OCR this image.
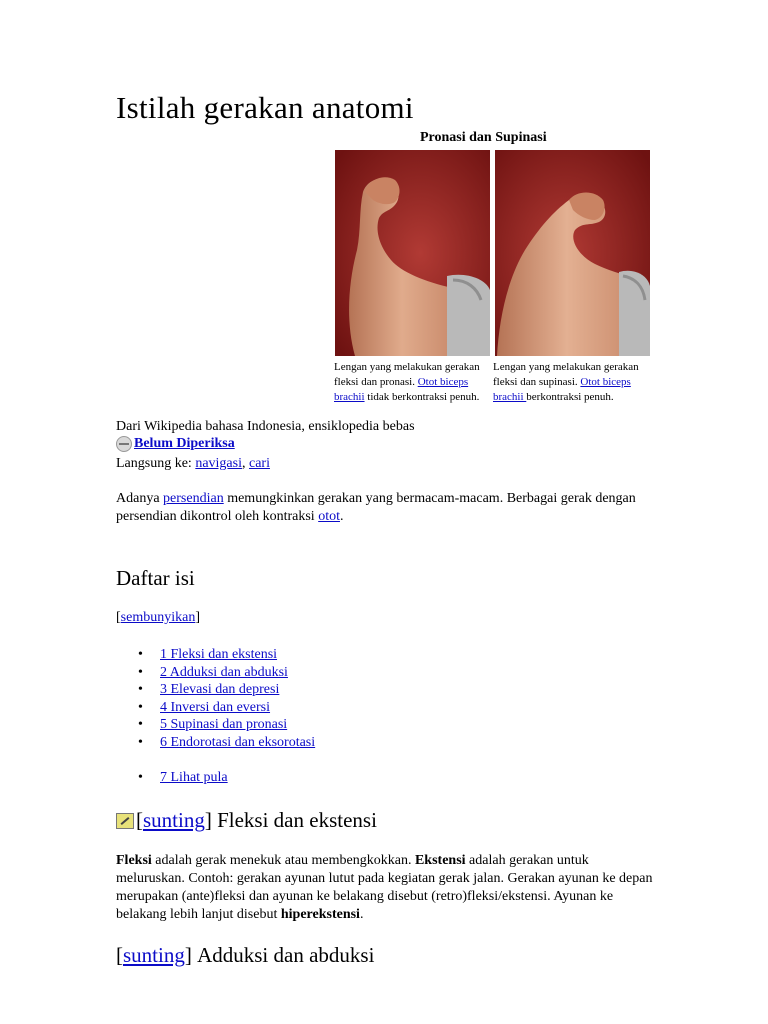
Istilah gerakan anatomi
Pronasi dan Supinasi
Lengan yang melakukan gerakan fleksi dan pronasi. Otot biceps brachii tidak berkontraksi penuh.
Lengan yang melakukan gerakan fleksi dan supinasi. Otot biceps brachii berkontraksi penuh.
Dari Wikipedia bahasa Indonesia, ensiklopedia bebas
Belum Diperiksa
Langsung ke: navigasi, cari
Adanya persendian memungkinkan gerakan yang bermacam-macam. Berbagai gerak dengan persendian dikontrol oleh kontraksi otot.
Daftar isi
[sembunyikan]
• 1 Fleksi dan ekstensi
• 2 Adduksi dan abduksi
• 3 Elevasi dan depresi
• 4 Inversi dan eversi
• 5 Supinasi dan pronasi
• 6 Endorotasi dan eksorotasi
• 7 Lihat pula
[ sunting ] Fleksi dan ekstensi
Fleksi adalah gerak menekuk atau membengkokkan. Ekstensi adalah gerakan untuk meluruskan. Contoh: gerakan ayunan lutut pada kegiatan gerak jalan. Gerakan ayunan ke depan merupakan (ante)fleksi dan ayunan ke belakang disebut (retro)fleksi/ekstensi. Ayunan ke belakang lebih lanjut disebut hiperekstensi.
[ sunting ] Adduksi dan abduksi
